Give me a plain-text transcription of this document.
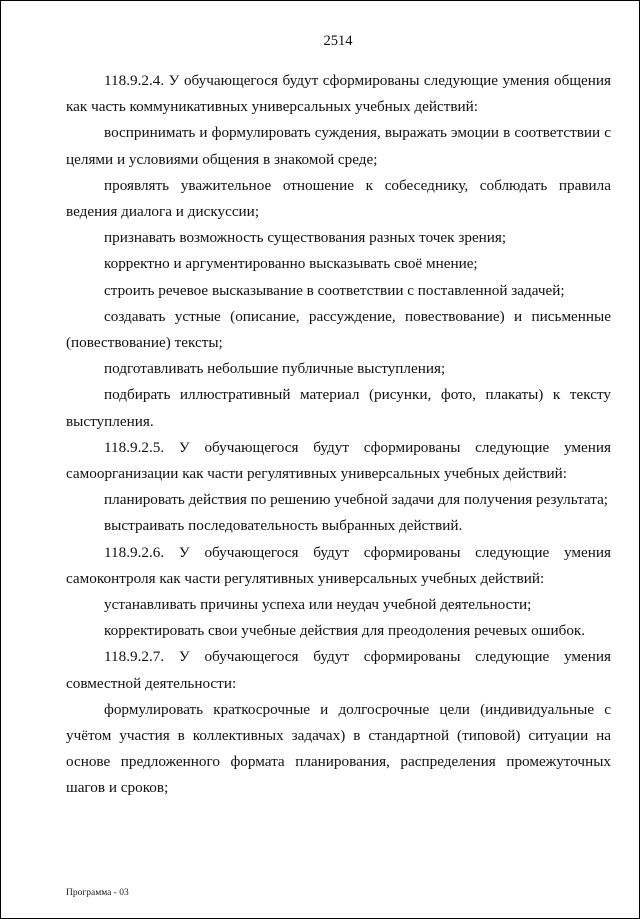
2514

118.9.2.4. У обучающегося будут сформированы следующие умения общения как часть коммуникативных универсальных учебных действий:

воспринимать и формулировать суждения, выражать эмоции в соответствии с целями и условиями общения в знакомой среде;

проявлять уважительное отношение к собеседнику, соблюдать правила ведения диалога и дискуссии;

признавать возможность существования разных точек зрения;

корректно и аргументированно высказывать своё мнение;

строить речевое высказывание в соответствии с поставленной задачей;

создавать устные (описание, рассуждение, повествование) и письменные (повествование) тексты;

подготавливать небольшие публичные выступления;

подбирать иллюстративный материал (рисунки, фото, плакаты) к тексту выступления.

118.9.2.5. У обучающегося будут сформированы следующие умения самоорганизации как части регулятивных универсальных учебных действий:

планировать действия по решению учебной задачи для получения результата;

выстраивать последовательность выбранных действий.

118.9.2.6. У обучающегося будут сформированы следующие умения самоконтроля как части регулятивных универсальных учебных действий:

устанавливать причины успеха или неудач учебной деятельности;

корректировать свои учебные действия для преодоления речевых ошибок.

118.9.2.7. У обучающегося будут сформированы следующие умения совместной деятельности:

формулировать краткосрочные и долгосрочные цели (индивидуальные с учётом участия в коллективных задачах) в стандартной (типовой) ситуации на основе предложенного формата планирования, распределения промежуточных шагов и сроков;

Программа - 03
